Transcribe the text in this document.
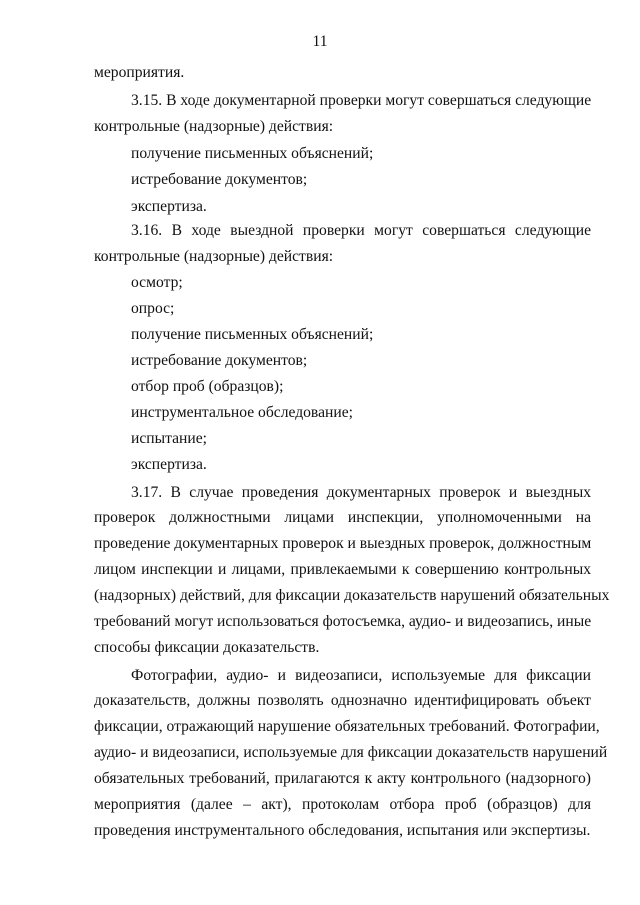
11
мероприятия.
3.15. В ходе документарной проверки могут совершаться следующие
контрольные (надзорные) действия:
получение письменных объяснений;
истребование документов;
экспертиза.
3.16. В ходе выездной проверки могут совершаться следующие
контрольные (надзорные) действия:
осмотр;
опрос;
получение письменных объяснений;
истребование документов;
отбор проб (образцов);
инструментальное обследование;
испытание;
экспертиза.
3.17. В случае проведения документарных проверок и выездных
проверок должностными лицами инспекции, уполномоченными на
проведение документарных проверок и выездных проверок, должностным
лицом инспекции и лицами, привлекаемыми к совершению контрольных
(надзорных) действий, для фиксации доказательств нарушений обязательных
требований могут использоваться фотосъемка, аудио- и видеозапись, иные
способы фиксации доказательств.
Фотографии, аудио- и видеозаписи, используемые для фиксации
доказательств, должны позволять однозначно идентифицировать объект
фиксации, отражающий нарушение обязательных требований. Фотографии,
аудио- и видеозаписи, используемые для фиксации доказательств нарушений
обязательных требований, прилагаются к акту контрольного (надзорного)
мероприятия (далее – акт), протоколам отбора проб (образцов) для
проведения инструментального обследования, испытания или экспертизы.
